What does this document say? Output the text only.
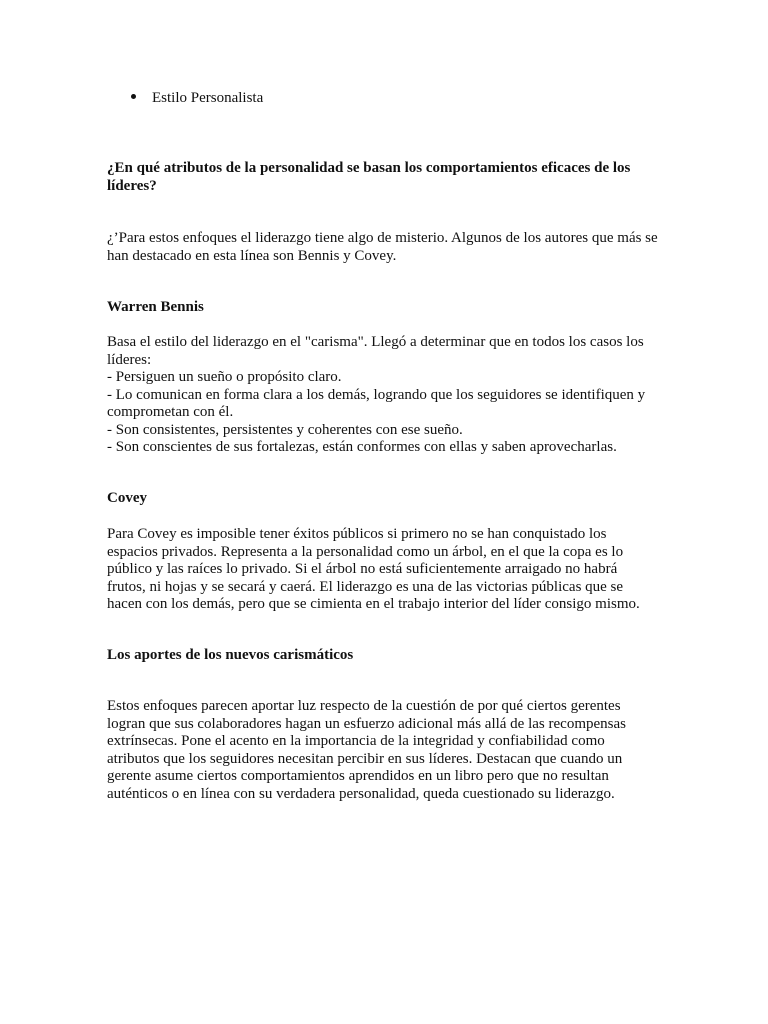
Estilo Personalista
¿En qué atributos de la personalidad se basan los comportamientos eficaces de los
líderes?
¿’Para estos enfoques el liderazgo tiene algo de misterio. Algunos de los autores que más se
han destacado en esta línea son Bennis y Covey.
Warren Bennis
Basa el estilo del liderazgo en el "carisma". Llegó a determinar que en todos los casos los
líderes:
- Persiguen un sueño o propósito claro.
- Lo comunican en forma clara a los demás, logrando que los seguidores se identifiquen y
comprometan con él.
- Son consistentes, persistentes y coherentes con ese sueño.
- Son conscientes de sus fortalezas, están conformes con ellas y saben aprovecharlas.
Covey
Para Covey es imposible tener éxitos públicos si primero no se han conquistado los
espacios privados. Representa a la personalidad como un árbol, en el que la copa es lo
público y las raíces lo privado. Si el árbol no está suficientemente arraigado no habrá
frutos, ni hojas y se secará y caerá. El liderazgo es una de las victorias públicas que se
hacen con los demás, pero que se cimienta en el trabajo interior del líder consigo mismo.
Los aportes de los nuevos carismáticos
Estos enfoques parecen aportar luz respecto de la cuestión de por qué ciertos gerentes
logran que sus colaboradores hagan un esfuerzo adicional más allá de las recompensas
extrínsecas. Pone el acento en la importancia de la integridad y confiabilidad como
atributos que los seguidores necesitan percibir en sus líderes. Destacan que cuando un
gerente asume ciertos comportamientos aprendidos en un libro pero que no resultan
auténticos o en línea con su verdadera personalidad, queda cuestionado su liderazgo.
